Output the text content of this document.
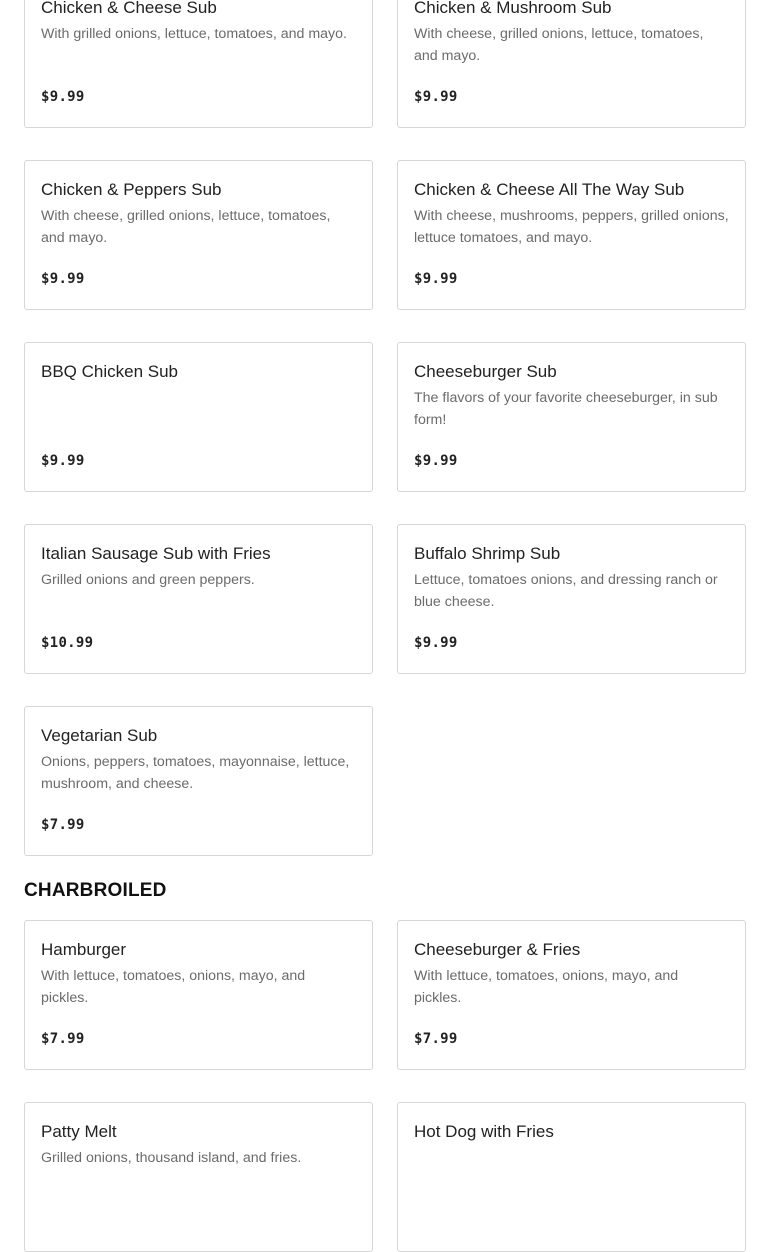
Chicken & Cheese Sub
With grilled onions, lettuce, tomatoes, and mayo.
$9.99
Chicken & Mushroom Sub
With cheese, grilled onions, lettuce, tomatoes, and mayo.
$9.99
Chicken & Peppers Sub
With cheese, grilled onions, lettuce, tomatoes, and mayo.
$9.99
Chicken & Cheese All The Way Sub
With cheese, mushrooms, peppers, grilled onions, lettuce tomatoes, and mayo.
$9.99
BBQ Chicken Sub
$9.99
Cheeseburger Sub
The flavors of your favorite cheeseburger, in sub form!
$9.99
Italian Sausage Sub with Fries
Grilled onions and green peppers.
$10.99
Buffalo Shrimp Sub
Lettuce, tomatoes onions, and dressing ranch or blue cheese.
$9.99
Vegetarian Sub
Onions, peppers, tomatoes, mayonnaise, lettuce, mushroom, and cheese.
$7.99
CHARBROILED
Hamburger
With lettuce, tomatoes, onions, mayo, and pickles.
$7.99
Cheeseburger & Fries
With lettuce, tomatoes, onions, mayo, and pickles.
$7.99
Patty Melt
Grilled onions, thousand island, and fries.
Hot Dog with Fries
